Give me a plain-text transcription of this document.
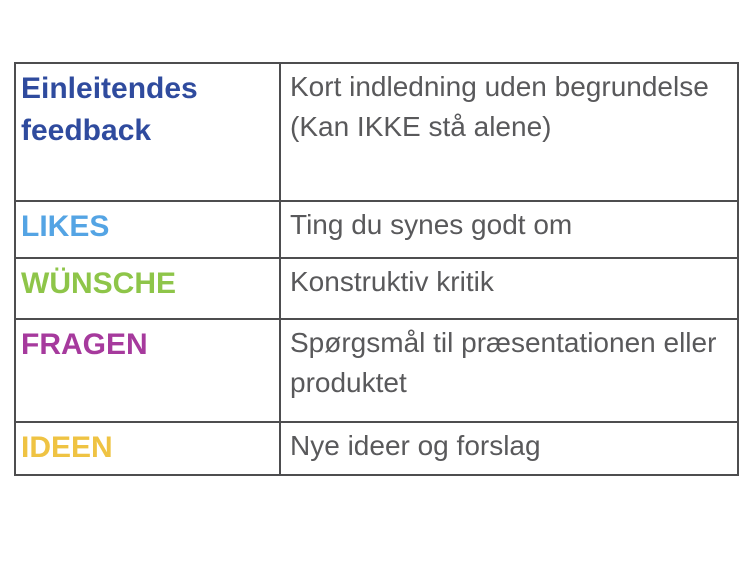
Einleitendes feedback	Kort indledning uden begrundelse
(Kan IKKE stå alene)

LIKES	Ting du synes godt om

WÜNSCHE	Konstruktiv kritik

FRAGEN	Spørgsmål til præsentationen eller produktet

IDEEN	Nye ideer og forslag
